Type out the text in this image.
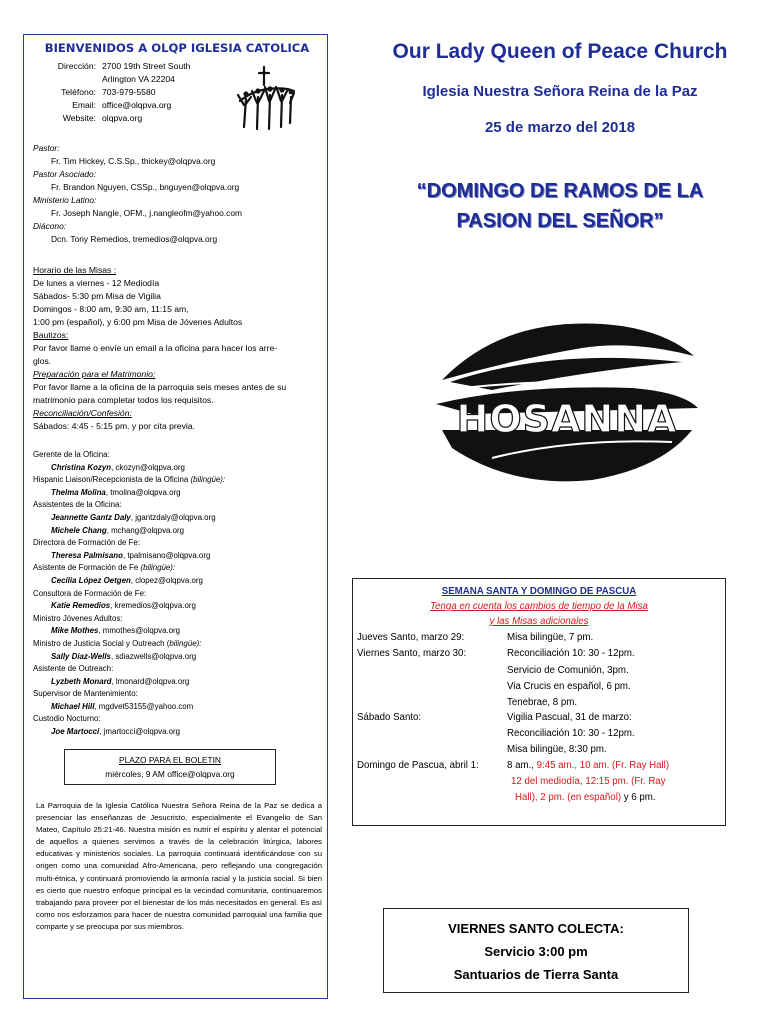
BIENVENIDOS A OLQP IGLESIA CATOLICA
Dirección: 2700 19th Street South
Arlington VA 22204
Teléfono: 703-979-5580
Email: office@olqpva.org
Website: olqpva.org
Pastor:
Fr. Tim Hickey, C.S.Sp., thickey@olqpva.org
Pastor Asociado:
Fr. Brandon Nguyen, CSSp., bnguyen@olqpva.org
Ministerio Latino:
Fr. Joseph Nangle, OFM., j.nangleofm@yahoo.com
Diácono:
Dcn. Tony Remedios, tremedios@olqpva.org
Horario de las Misas :
De lunes a viernes - 12 Mediodía
Sábados- 5:30 pm Misa de Vigilia
Domingos - 8:00 am, 9:30 am, 11:15 am,
1:00 pm (español), y 6:00 pm Misa de Jóvenes Adultos
Bautizos:
Por favor llame o envíe un email a la oficina para hacer los arre-
glos.
Preparación para el Matrimonio:
Por favor llame a la oficina de la parroquia seis meses antes de su
matrimonio para completar todos los requisitos.
Reconciliación/Confesión:
Sábados: 4:45 - 5:15 pm. y por cita previa.
Gerente de la Oficina:
Christina Kozyn, ckozyn@olqpva.org
Hispanic Liaison/Recepcionista de la Oficina (bilingüe):
Thelma Molina, tmolina@olqpva.org
Assistentes de la Oficina:
Jeannette Gantz Daly, jgantzdaly@olqpva.org
Michele Chang, mchang@olqpva.org
Directora de Formación de Fe:
Theresa Palmisano, tpalmisano@olqpva.org
Asistente de Formación de Fe (bilingüe):
Cecilia López Oetgen, clopez@olqpva.org
Consultora de Formación de Fe:
Katie Remedios, kremedios@olqpva.org
Ministro Jóvenes Adultos:
Mike Mothes, mmothes@olqpva.org
Ministro de Justicia Social y Outreach (bilingüe):
Sally Diaz-Wells, sdiazwells@olqpva.org
Asistente de Outreach:
Lyzbeth Monard, lmonard@olqpva.org
Supervisor de Mantenimiento:
Michael Hill, mgdvet53155@yahoo.com
Custodio Nocturno:
Joe Martocci, jmartocci@olqpva.org
PLAZO PARA EL BOLETIN
miércoles, 9 AM office@olqpva.org
La Parroquia de la Iglesia Católica Nuestra Señora Reina de la Paz se dedica a presenciar las enseñanzas de Jesucristo, especialmente el Evangelio de San Mateo, Capítulo 25:21-46. Nuestra misión es nutrir el espíritu y alentar el potencial de aquellos a quienes servimos a través de la celebración litúrgica, labores educativas y ministerios sociales. La parroquia continuará identificándose con su origen como una comunidad Afro-Americana, pero reflejando una congregación multi-étnica, y continuará promoviendo la armonía racial y la justicia social. Si bien es cierto que nuestro enfoque principal es la vecindad comunitaria, continuaremos trabajando para proveer por el bienestar de los más necesitados en general. Es así como nos esforzamos para hacer de nuestra comunidad parroquial una familia que comparte y se preocupa por sus miembros.
Our Lady Queen of Peace Church
Iglesia Nuestra Señora Reina de la Paz
25 de marzo del 2018
“DOMINGO DE RAMOS DE LA
PASION DEL SEÑOR”
HOSANNA
SEMANA SANTA Y DOMINGO DE PASCUA
Tenga en cuenta los cambios de tiempo de la Misa
y las Misas adicionales
Jueves Santo, marzo 29:	Misa bilingüe, 7 pm.
Viernes Santo, marzo 30:	Reconciliación 10: 30 - 12pm.
Servicio de Comunión, 3pm.
Via Crucis en español, 6 pm.
Tenebrae, 8 pm.
Sábado Santo:	Vigilia Pascual, 31 de marzo:
Reconciliación 10: 30 - 12pm.
Misa bilingüe, 8:30 pm.
Domingo de Pascua, abril 1:	8 am., 9:45 am., 10 am. (Fr. Ray Hall)
12 del mediodía, 12:15 pm. (Fr. Ray
Hall), 2 pm. (en español) y 6 pm.
VIERNES SANTO COLECTA:
Servicio 3:00 pm
Santuarios de Tierra Santa
